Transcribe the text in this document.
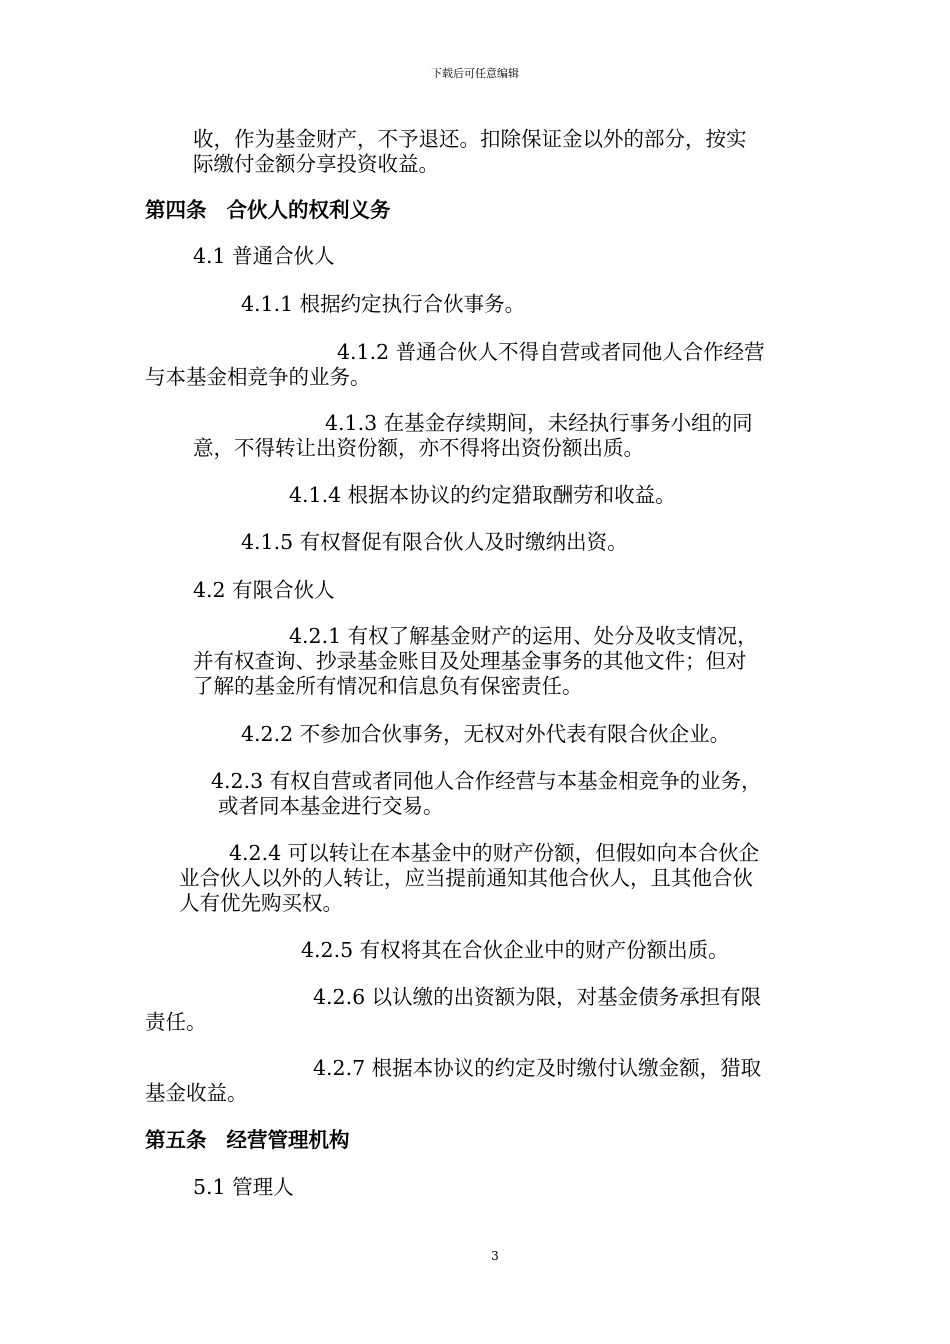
下载后可任意编辑

收，作为基金财产，不予退还。扣除保证金以外的部分，按实

际缴付金额分享投资收益。

第四条 合伙人的权利义务

4.1 普通合伙人

4.1.1 根据约定执行合伙事务。

4.1.2 普通合伙人不得自营或者同他人合作经营

与本基金相竞争的业务。

4.1.3 在基金存续期间，未经执行事务小组的同

意，不得转让出资份额，亦不得将出资份额出质。

4.1.4 根据本协议的约定猎取酬劳和收益。

4.1.5 有权督促有限合伙人及时缴纳出资。

4.2 有限合伙人

4.2.1 有权了解基金财产的运用、处分及收支情况，

并有权查询、抄录基金账目及处理基金事务的其他文件；但对

了解的基金所有情况和信息负有保密责任。

4.2.2 不参加合伙事务，无权对外代表有限合伙企业。

4.2.3 有权自营或者同他人合作经营与本基金相竞争的业务，

或者同本基金进行交易。

4.2.4 可以转让在本基金中的财产份额，但假如向本合伙企

业合伙人以外的人转让，应当提前通知其他合伙人，且其他合伙

人有优先购买权。

4.2.5 有权将其在合伙企业中的财产份额出质。

4.2.6 以认缴的出资额为限，对基金债务承担有限

责任。

4.2.7 根据本协议的约定及时缴付认缴金额，猎取

基金收益。

第五条 经营管理机构

5.1 管理人

3
